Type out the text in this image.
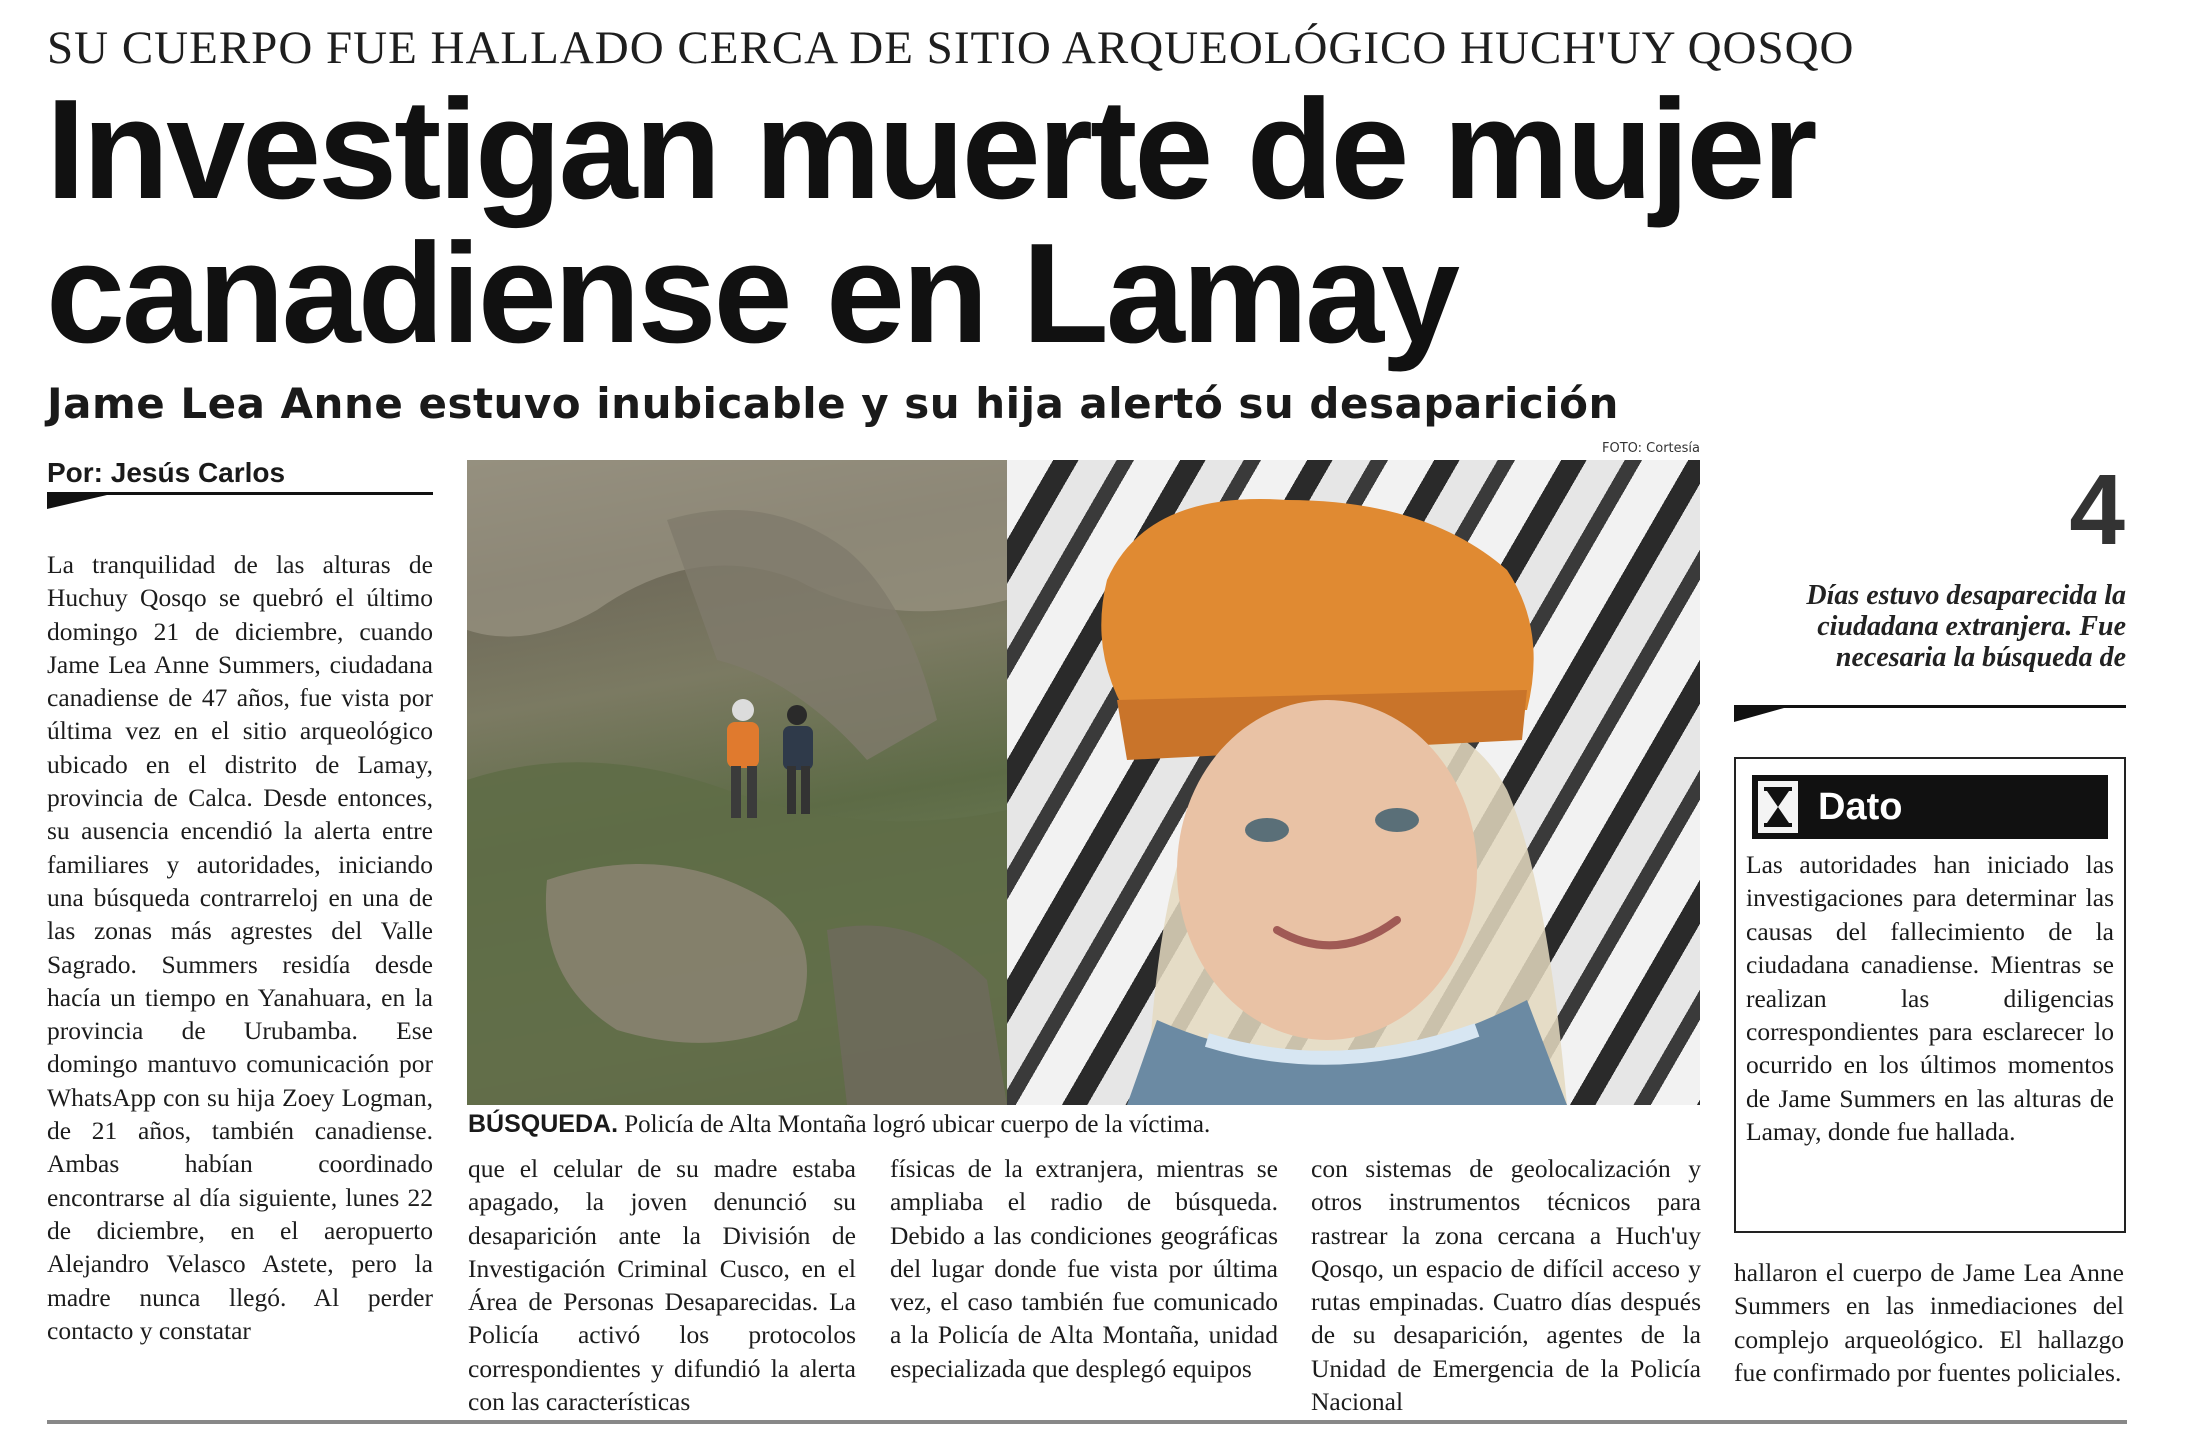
SU CUERPO FUE HALLADO CERCA DE SITIO ARQUEOLÓGICO HUCH'UY QOSQO
Investigan muerte de mujer canadiense en Lamay
Jame Lea Anne estuvo inubicable y su hija alertó su desaparición
Por: Jesús Carlos
La tranquilidad de las alturas de Huchuy Qosqo se quebró el último domingo 21 de diciembre, cuando Jame Lea Anne Summers, ciudadana canadiense de 47 años, fue vista por última vez en el sitio arqueológico ubicado en el distrito de Lamay, provincia de Calca. Desde entonces, su ausencia encendió la alerta entre familiares y autoridades, iniciando una búsqueda contrarreloj en una de las zonas más agrestes del Valle Sagrado. Summers residía desde hacía un tiempo en Yanahuara, en la provincia de Urubamba. Ese domingo mantuvo comunicación por WhatsApp con su hija Zoey Logman, de 21 años, también canadiense. Ambas habían coordinado encontrarse al día siguiente, lunes 22 de diciembre, en el aeropuerto Alejandro Velasco Astete, pero la madre nunca llegó. Al perder contacto y constatar
FOTO: Cortesía
BÚSQUEDA. Policía de Alta Montaña logró ubicar cuerpo de la víctima.
que el celular de su madre estaba apagado, la joven denunció su desaparición ante la División de Investigación Criminal Cusco, en el Área de Personas Desaparecidas. La Policía activó los protocolos correspondientes y difundió la alerta con las características
físicas de la extranjera, mientras se ampliaba el radio de búsqueda. Debido a las condiciones geográficas del lugar donde fue vista por última vez, el caso también fue comunicado a la Policía de Alta Montaña, unidad especializada que desplegó equipos
con sistemas de geolocalización y otros instrumentos técnicos para rastrear la zona cercana a Huch'uy Qosqo, un espacio de difícil acceso y rutas empinadas. Cuatro días después de su desaparición, agentes de la Unidad de Emergencia de la Policía Nacional
hallaron el cuerpo de Jame Lea Anne Summers en las inmediaciones del complejo arqueológico. El hallazgo fue confirmado por fuentes policiales.
4
Días estuvo desaparecida la ciudadana extranjera. Fue necesaria la búsqueda de
Dato
Las autoridades han iniciado las investigaciones para determinar las causas del fallecimiento de la ciudadana canadiense. Mientras se realizan las diligencias correspondientes para esclarecer lo ocurrido en los últimos momentos de Jame Summers en las alturas de Lamay, donde fue hallada.
